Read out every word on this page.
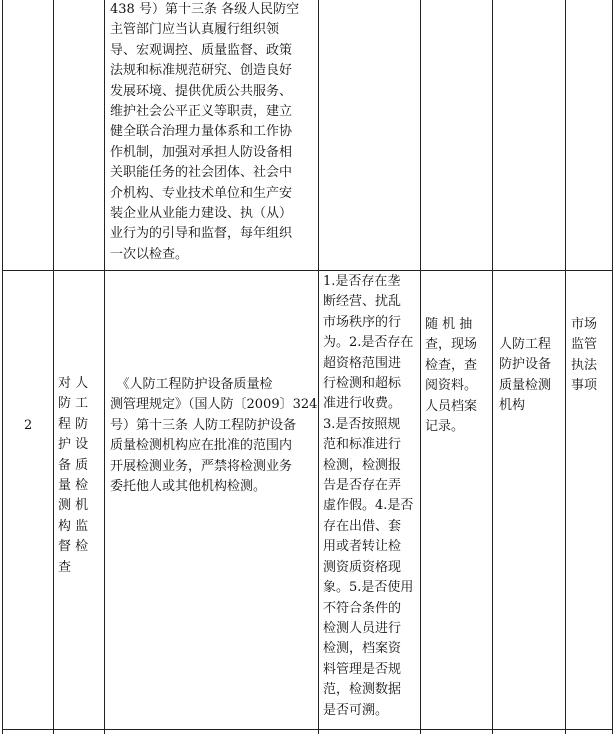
438 号）第十三条 各级人民防空
主管部门应当认真履行组织领
导、宏观调控、质量监督、政策
法规和标准规范研究、创造良好
发展环境、提供优质公共服务、
维护社会公平正义等职责，建立
健全联合治理力量体系和工作协
作机制，加强对承担人防设备相
关职能任务的社会团体、社会中
介机构、专业技术单位和生产安
装企业从业能力建设、执（从）
业行为的引导和监督，每年组织
一次以检查。
2
对 人
防 工
程 防
护 设
备 质
量 检
测 机
构 监
督 检
查
　《人防工程防护设备质量检
测管理规定》（国人防〔2009〕324
号）第十三条 人防工程防护设备
质量检测机构应在批准的范围内
开展检测业务，严禁将检测业务
委托他人或其他机构检测。
1.是否存在垄
断经营、扰乱
市场秩序的行
为。2.是否存在
超资格范围进
行检测和超标
准进行收费。
3.是否按照规
范和标准进行
检测，检测报
告是否存在弄
虚作假。4.是否
存在出借、套
用或者转让检
测资质资格现
象。5.是否使用
不符合条件的
检测人员进行
检测，档案资
料管理是否规
范，检测数据
是否可溯。
随 机 抽
查，现场
检查，查
阅资料。
人员档案
记录。
人防工程
防护设备
质量检测
机构
市场
监管
执法
事项
